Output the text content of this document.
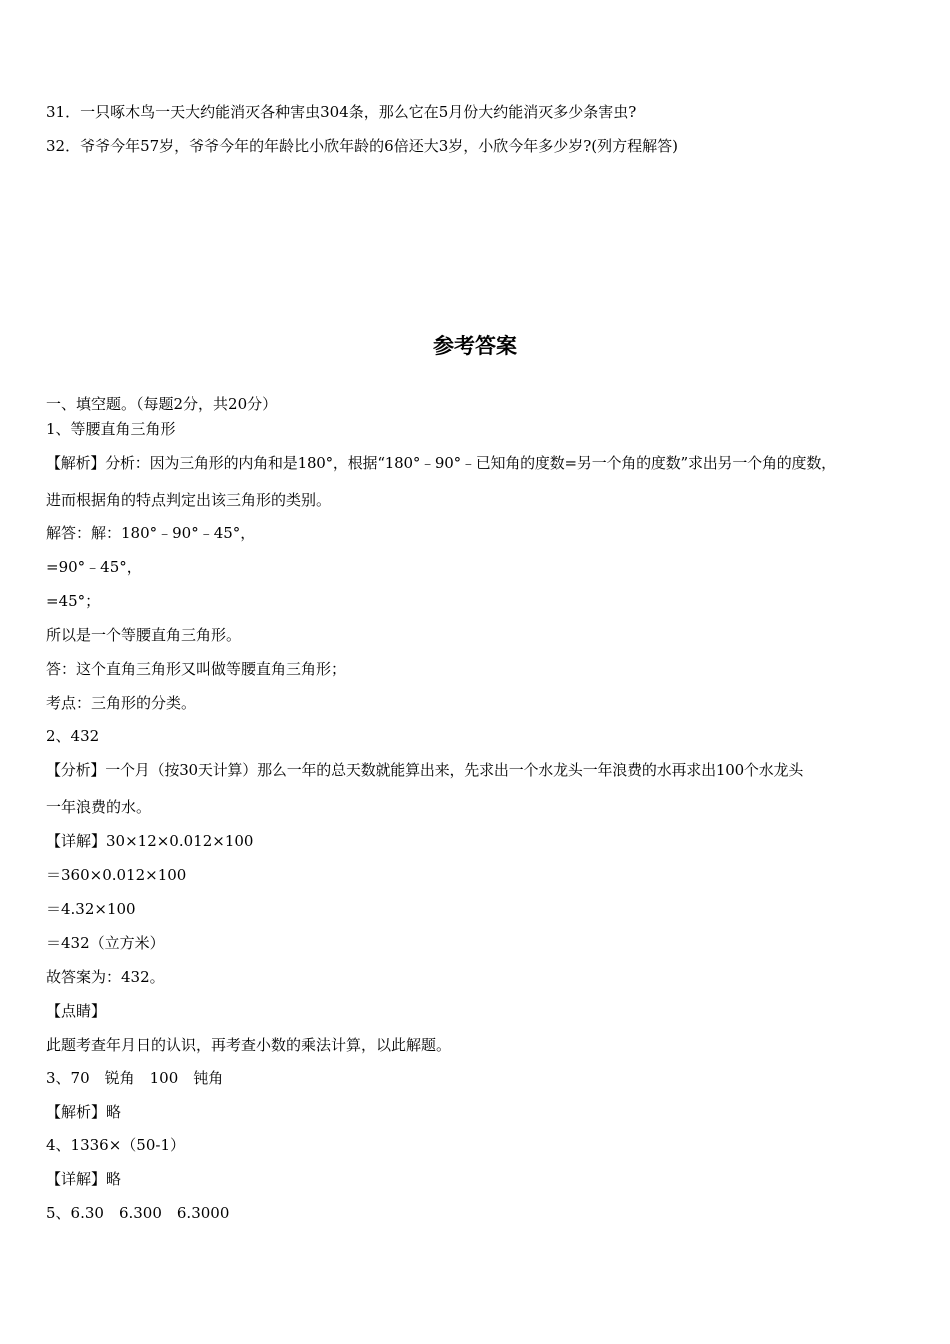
31．一只啄木鸟一天大约能消灭各种害虫304条，那么它在5月份大约能消灭多少条害虫?
32．爷爷今年57岁，爷爷今年的年龄比小欣年龄的6倍还大3岁，小欣今年多少岁?(列方程解答)
参考答案
一、填空题。（每题2分，共20分）
1、等腰直角三角形
【解析】分析：因为三角形的内角和是180°，根据“180°﹣90°﹣已知角的度数=另一个角的度数”求出另一个角的度数，
进而根据角的特点判定出该三角形的类别。
解答：解：180°﹣90°﹣45°，
=90°﹣45°，
=45°；
所以是一个等腰直角三角形。
答：这个直角三角形又叫做等腰直角三角形；
考点：三角形的分类。
2、432
【分析】一个月（按30天计算）那么一年的总天数就能算出来，先求出一个水龙头一年浪费的水再求出100个水龙头
一年浪费的水。
【详解】30×12×0.012×100
＝360×0.012×100
＝4.32×100
＝432（立方米）
故答案为：432。
【点睛】
此题考查年月日的认识，再考查小数的乘法计算，以此解题。
3、70　锐角　100　钝角
【解析】略
4、1336×（50-1）
【详解】略
5、6.30　6.300　6.3000
